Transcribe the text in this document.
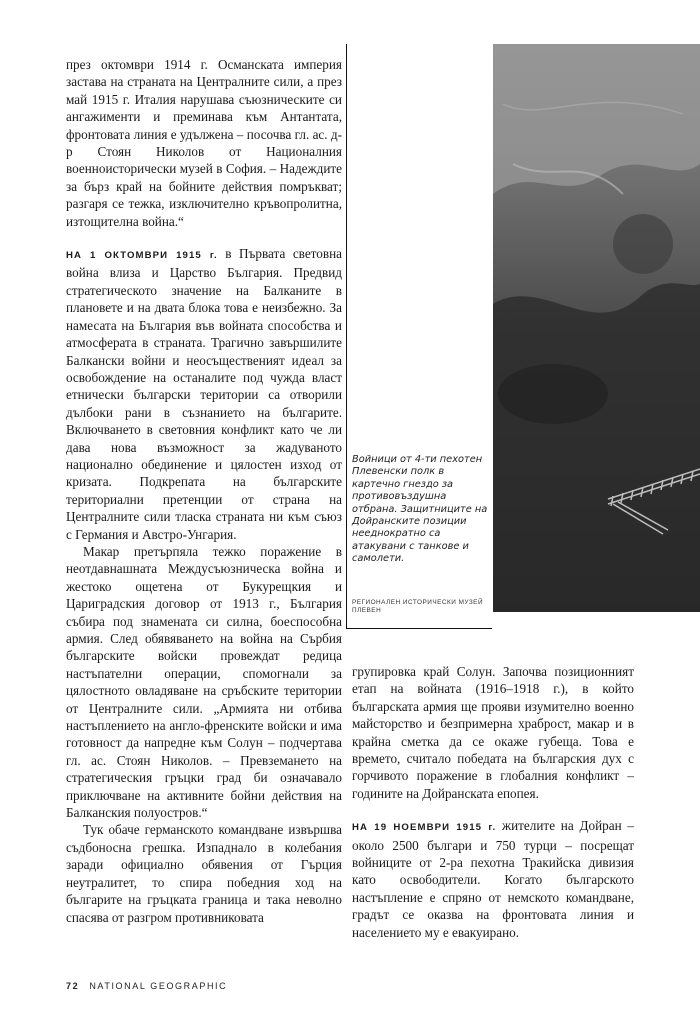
през октомври 1914 г. Османската империя застава на страната на Централните сили, а през май 1915 г. Италия нарушава съюзническите си ангажименти и преминава към Антантата, фронтовата линия е удължена – посочва гл. ас. д-р Стоян Николов от Националния военноисторически музей в София. – Надеждите за бърз край на бойните действия помръкват; разгаря се тежка, изключително кръвопролитна, изтощителна война.“

НА 1 ОКТОМВРИ 1915 г. в Първата световна война влиза и Царство България. Предвид стратегическото значение на Балканите в плановете и на двата блока това е неизбежно. За намесата на България във войната способства и атмосферата в страната. Трагично завършилите Балкански войни и неосъщественият идеал за освобождение на останалите под чужда власт етнически български територии са отворили дълбоки рани в съзнанието на българите. Включването в световния конфликт като че ли дава нова възможност за жадуваното национално обединение и цялостен изход от кризата. Подкрепата на българските териториални претенции от страна на Централните сили тласка страната ни към съюз с Германия и Австро-Унгария.

Макар претърпяла тежко поражение в неотдавнашната Междусъюзническа война и жестоко ощетена от Букурещкия и Цариградския договор от 1913 г., България събира под знамената си силна, боеспособна армия. След обявяването на война на Сърбия българските войски провеждат редица настъпателни операции, спомогнали за цялостното овладяване на сръбските територии от Централните сили. „Армията ни отбива настъплението на англо-френските войски и има готовност да напредне към Солун – подчертава гл. ас. Стоян Николов. – Превземането на стратегическия гръцки град би означавало приключване на активните бойни действия на Балканския полуостров.“

Тук обаче германското командване извършва съдбоносна грешка. Изпаднало в колебания заради официално обявения от Гърция неутралитет, то спира победния ход на българите на гръцката граница и така неволно спасява от разгром противниковата

Войници от 4-ти пехотен Плевенски полк в картечно гнездо за противовъздушна отбрана. Защитниците на Дойранските позиции нееднократно са атакувани с танкове и самолети.
РЕГИОНАЛЕН ИСТОРИЧЕСКИ МУЗЕЙ ПЛЕВЕН

групировка край Солун. Започва позиционният етап на войната (1916–1918 г.), в който българската армия ще прояви изумително военно майсторство и безпримерна храброст, макар и в крайна сметка да се окаже губеща. Това е времето, считало победата на българския дух с горчивото поражение в глобалния конфликт – годините на Дойранската епопея.

НА 19 НОЕМВРИ 1915 г. жителите на Дойран – около 2500 българи и 750 турци – посрещат войниците от 2-ра пехотна Тракийска дивизия като освободители. Когато българското настъпление е спряно от немското командване, градът се оказва на фронтовата линия и населението му е евакуирано.

72 NATIONAL GEOGRAPHIC
